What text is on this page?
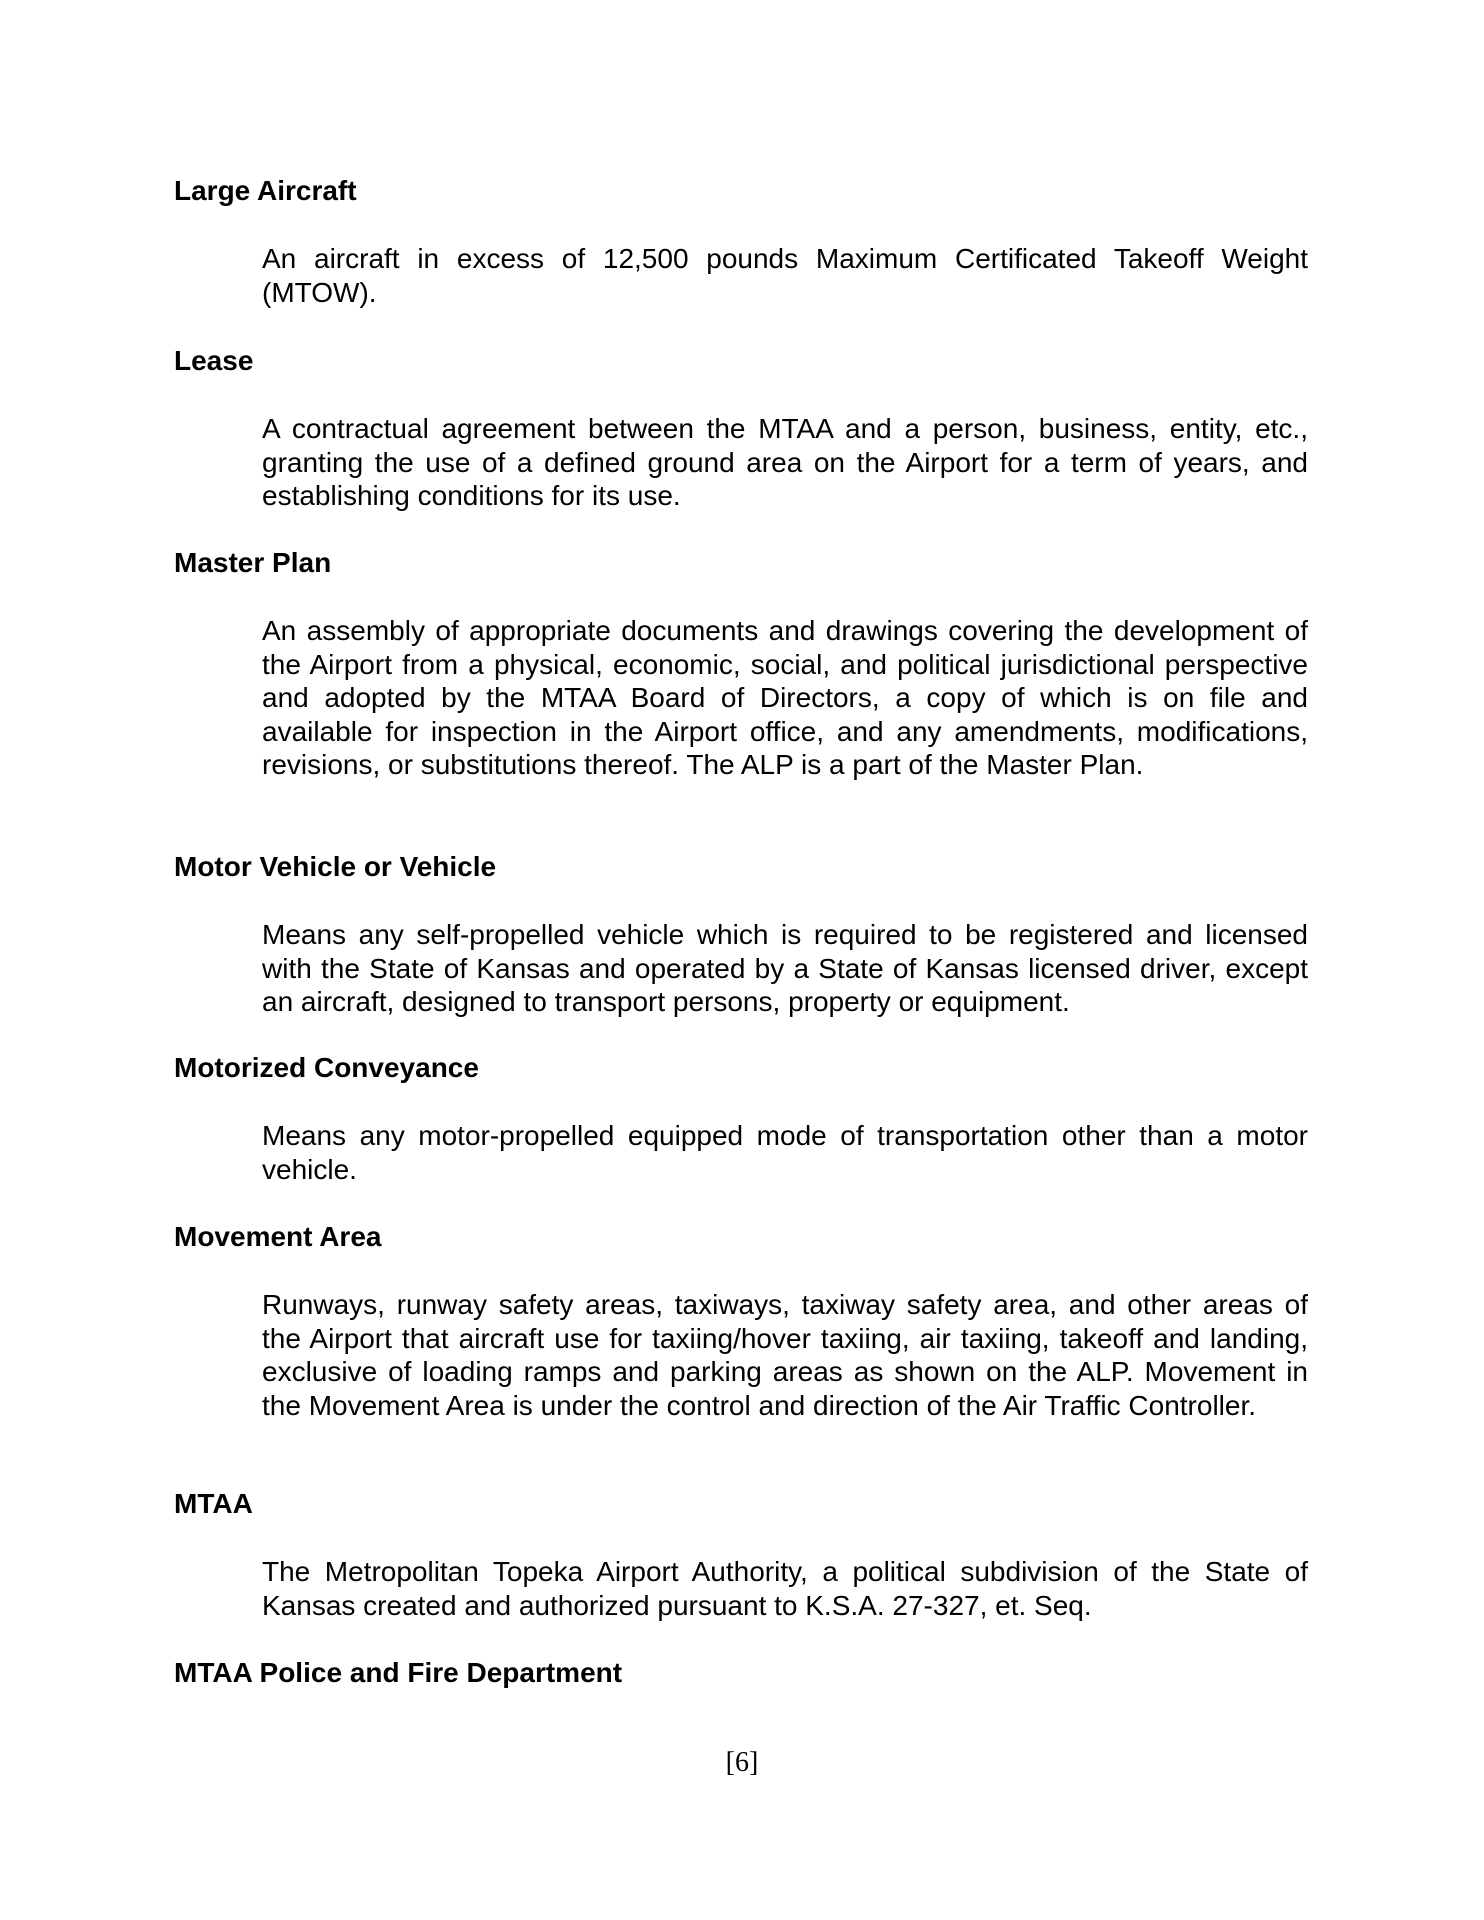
Large Aircraft

An aircraft in excess of 12,500 pounds Maximum Certificated Takeoff Weight (MTOW).

Lease

A contractual agreement between the MTAA and a person, business, entity, etc., granting the use of a defined ground area on the Airport for a term of years, and establishing conditions for its use.

Master Plan

An assembly of appropriate documents and drawings covering the development of the Airport from a physical, economic, social, and political jurisdictional perspective and adopted by the MTAA Board of Directors, a copy of which is on file and available for inspection in the Airport office, and any amendments, modifications, revisions, or substitutions thereof. The ALP is a part of the Master Plan.

Motor Vehicle or Vehicle

Means any self-propelled vehicle which is required to be registered and licensed with the State of Kansas and operated by a State of Kansas licensed driver, except an aircraft, designed to transport persons, property or equipment.

Motorized Conveyance

Means any motor-propelled equipped mode of transportation other than a motor vehicle.

Movement Area

Runways, runway safety areas, taxiways, taxiway safety area, and other areas of the Airport that aircraft use for taxiing/hover taxiing, air taxiing, takeoff and landing, exclusive of loading ramps and parking areas as shown on the ALP. Movement in the Movement Area is under the control and direction of the Air Traffic Controller.

MTAA

The Metropolitan Topeka Airport Authority, a political subdivision of the State of Kansas created and authorized pursuant to K.S.A. 27-327, et. Seq.

MTAA Police and Fire Department
[6]
